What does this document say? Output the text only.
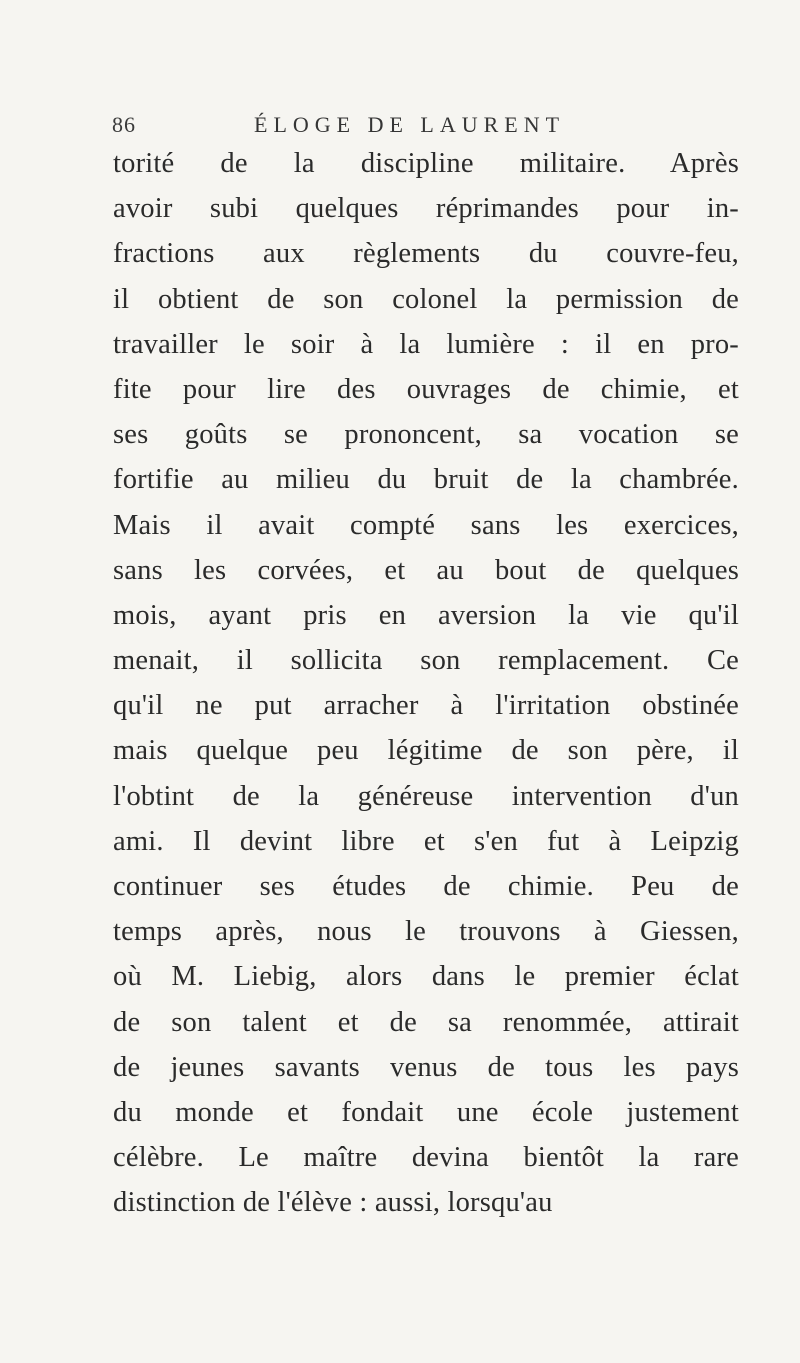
86	ÉLOGE DE LAURENT
torité de la discipline militaire. Après
avoir subi quelques réprimandes pour in-
fractions aux règlements du couvre-feu,
il obtient de son colonel la permission de
travailler le soir à la lumière : il en pro-
fite pour lire des ouvrages de chimie, et
ses goûts se prononcent, sa vocation se
fortifie au milieu du bruit de la chambrée.
Mais il avait compté sans les exercices,
sans les corvées, et au bout de quelques
mois, ayant pris en aversion la vie qu'il
menait, il sollicita son remplacement. Ce
qu'il ne put arracher à l'irritation obstinée
mais quelque peu légitime de son père, il
l'obtint de la généreuse intervention d'un
ami. Il devint libre et s'en fut à Leipzig
continuer ses études de chimie. Peu de
temps après, nous le trouvons à Giessen,
où M. Liebig, alors dans le premier éclat
de son talent et de sa renommée, attirait
de jeunes savants venus de tous les pays
du monde et fondait une école justement
célèbre. Le maître devina bientôt la rare
distinction de l'élève : aussi, lorsqu'au
